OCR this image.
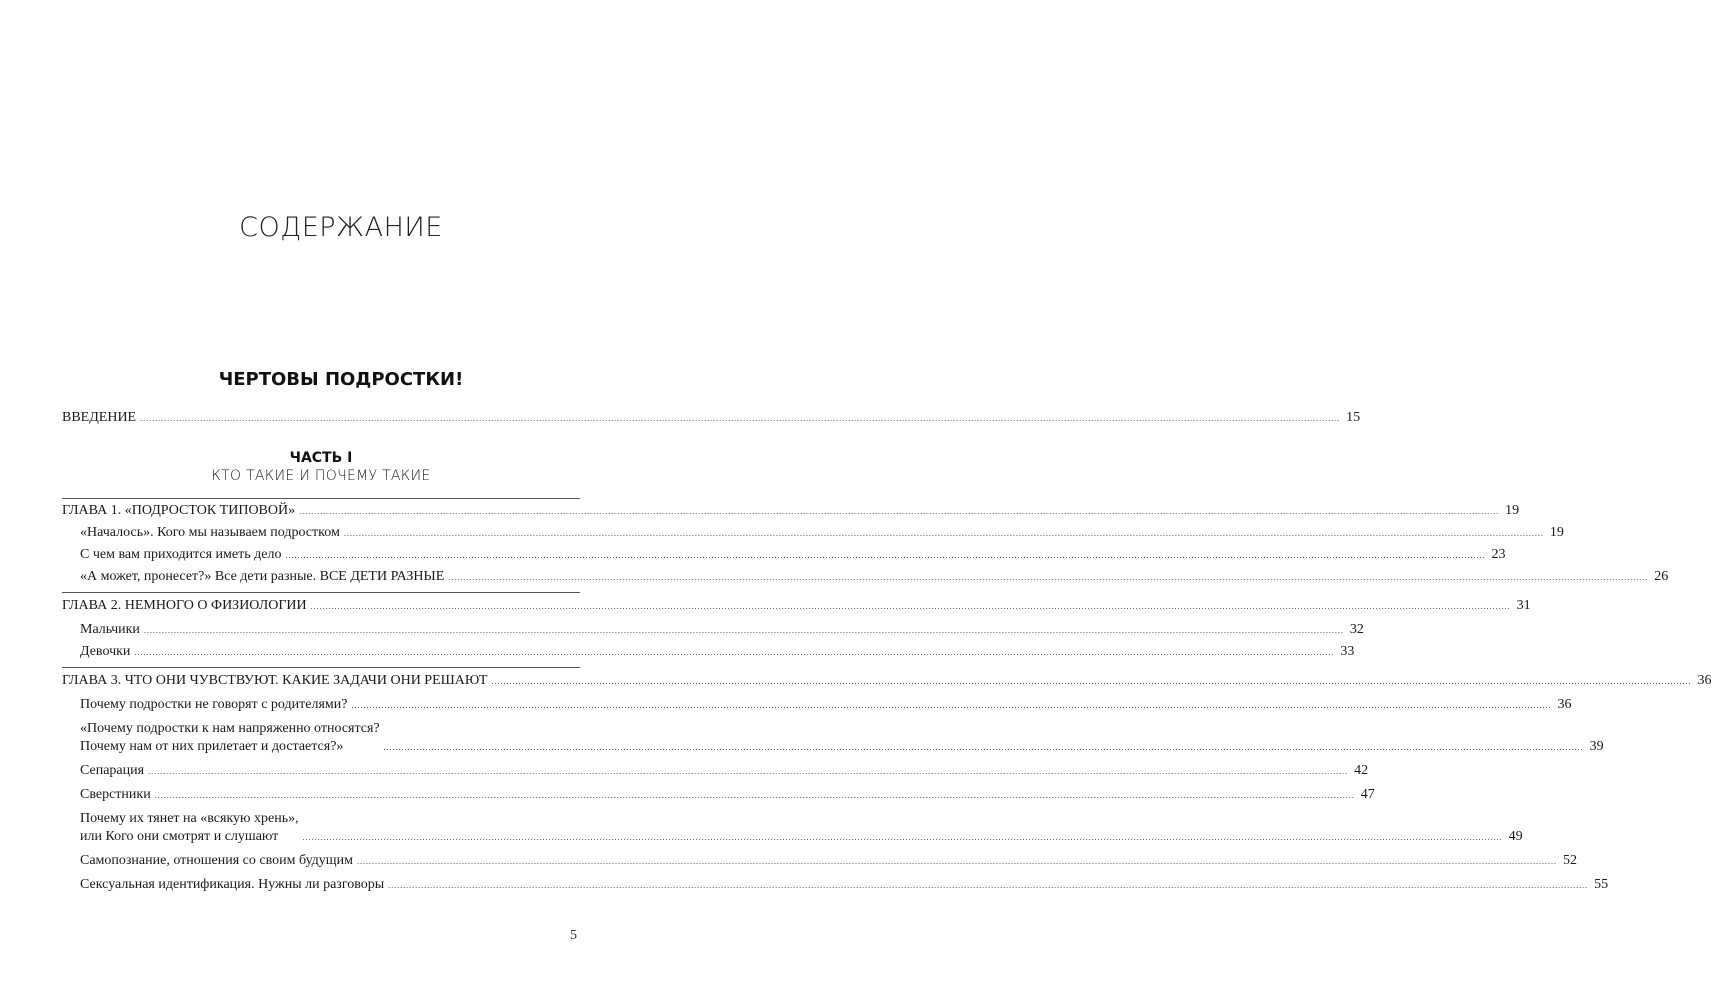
СОДЕРЖАНИЕ
ЧЕРТОВЫ ПОДРОСТКИ!
ВВЕДЕНИЕ ................................................................................................................................................................................................................................................................................................................................................................................................................ 15
ЧАСТЬ I
КТО ТАКИЕ И ПОЧЕМУ ТАКИЕ
ГЛАВА 1. «ПОДРОСТОК ТИПОВОЙ» ................................................................................................................................................................................................................................................................................................................................................................................................................ 19
«Началось». Кого мы называем подростком ................................................................................................................................................................................................................................................................................................................................................................................................................ 19
С чем вам приходится иметь дело ................................................................................................................................................................................................................................................................................................................................................................................................................ 23
«А может, пронесет?» Все дети разные. ВСЕ ДЕТИ РАЗНЫЕ ................................................................................................................................................................................................................................................................................................................................................................................................................ 26
ГЛАВА 2. НЕМНОГО О ФИЗИОЛОГИИ ................................................................................................................................................................................................................................................................................................................................................................................................................ 31
Мальчики ................................................................................................................................................................................................................................................................................................................................................................................................................ 32
Девочки ................................................................................................................................................................................................................................................................................................................................................................................................................ 33
ГЛАВА 3. ЧТО ОНИ ЧУВСТВУЮТ. КАКИЕ ЗАДАЧИ ОНИ РЕШАЮТ ................................................................................................................................................................................................................................................................................................................................................................................................................ 36
Почему подростки не говорят с родителями? ................................................................................................................................................................................................................................................................................................................................................................................................................ 36
«Почему подростки к нам напряженно относятся?
Почему нам от них прилетает и достается?»	................................................................................................................................................................................................................................................................................................................................................................................................................ 39
Сепарация ................................................................................................................................................................................................................................................................................................................................................................................................................ 42
Сверстники ................................................................................................................................................................................................................................................................................................................................................................................................................ 47
Почему их тянет на «всякую хрень»,
или Кого они смотрят и слушают	................................................................................................................................................................................................................................................................................................................................................................................................................ 49
Самопознание, отношения со своим будущим ................................................................................................................................................................................................................................................................................................................................................................................................................ 52
Сексуальная идентификация. Нужны ли разговоры ................................................................................................................................................................................................................................................................................................................................................................................................................ 55
5
